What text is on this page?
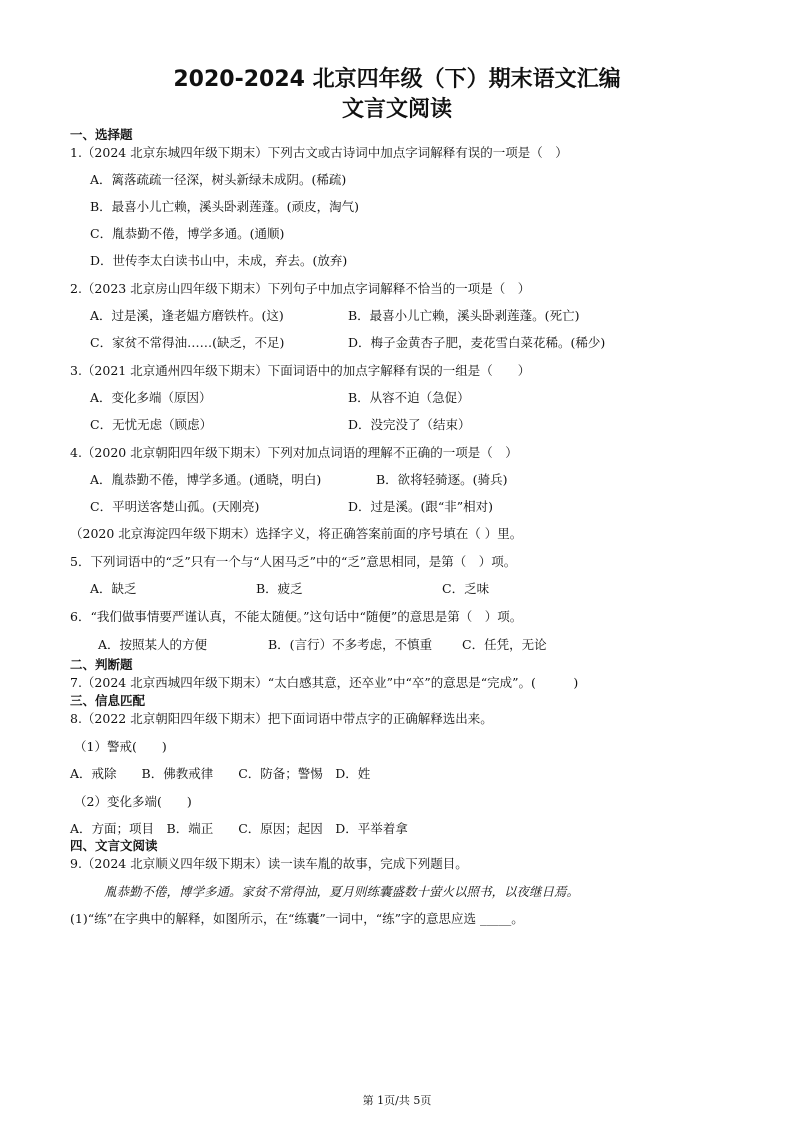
2020-2024 北京四年级（下）期末语文汇编
文言文阅读
一、选择题
1.（2024 北京东城四年级下期末）下列古文或古诗词中加点字词解释有误的一项是（　）
A．篱落疏疏一径深，树头新绿未成阴。(稀疏)
B．最喜小儿亡赖，溪头卧剥莲蓬。(顽皮，淘气)
C．胤恭勤不倦，博学多通。(通顺)
D．世传李太白读书山中，未成，弃去。(放弃)
2.（2023 北京房山四年级下期末）下列句子中加点字词解释不恰当的一项是（　）
A．过是溪，逢老媪方磨铁杵。(这)	B．最喜小儿亡赖，溪头卧剥莲蓬。(死亡)
C．家贫不常得油……(缺乏，不足)	D．梅子金黄杏子肥，麦花雪白菜花稀。(稀少)
3.（2021 北京通州四年级下期末）下面词语中的加点字解释有误的一组是（　　）
A．变化多端（原因）	B．从容不迫（急促）
C．无忧无虑（顾虑）	D．没完没了（结束）
4.（2020 北京朝阳四年级下期末）下列对加点词语的理解不正确的一项是（　）
A．胤恭勤不倦，博学多通。(通晓，明白)	B．欲将轻骑逐。(骑兵)
C．平明送客楚山孤。(天刚亮)	D．过是溪。(跟“非”相对)
（2020 北京海淀四年级下期末）选择字义，将正确答案前面的序号填在（ ）里。
5．下列词语中的“乏”只有一个与“人困马乏”中的“乏”意思相同，是第（　）项。
A．缺乏	B．疲乏	C．乏味
6．“我们做事情要严谨认真，不能太随便。”这句话中“随便”的意思是第（　）项。
A．按照某人的方便	B．(言行）不多考虑，不慎重 C．任凭，无论
二、判断题
7.（2024 北京西城四年级下期末）“太白感其意，还卒业”中“卒”的意思是“完成”。(　　　)
三、信息匹配
8.（2022 北京朝阳四年级下期末）把下面词语中带点字的正确解释选出来。
（1）警戒(　　)
A．戒除　　B．佛教戒律　　C．防备；警惕　D．姓
（2）变化多端(　　)
A．方面；项目　B．端正　　C．原因；起因　D．平举着拿
四、文言文阅读
9.（2024 北京顺义四年级下期末）读一读车胤的故事，完成下列题目。
胤恭勤不倦，博学多通。家贫不常得油，夏月则练囊盛数十萤火以照书，以夜继日焉。
(1)“练”在字典中的解释，如图所示，在“练囊”一词中，“练”字的意思应选 _____。
第 1页/共 5页
